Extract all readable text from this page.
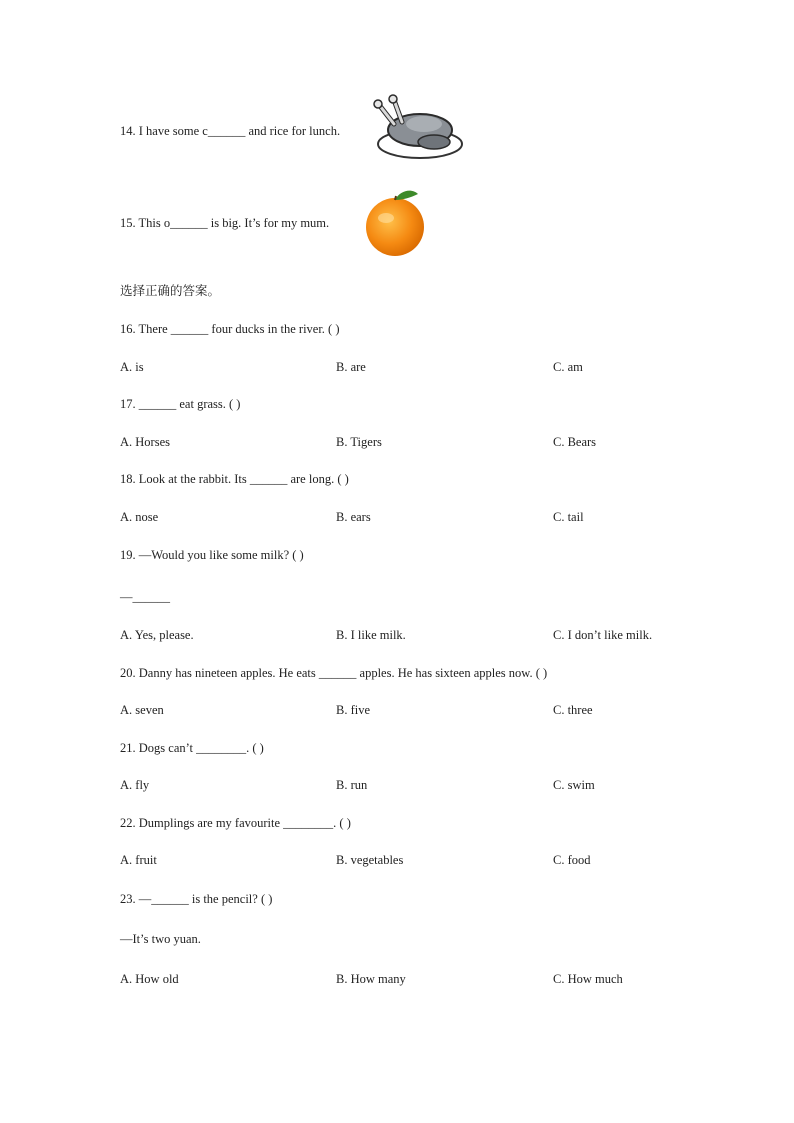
14. I have some c______ and rice for lunch.
15. This o______ is big. It’s for my mum.
选择正确的答案。
16. There ______ four ducks in the river. ( )
A. is	B. are	C. am
17. ______ eat grass. ( )
A. Horses	B. Tigers	C. Bears
18. Look at the rabbit. Its ______ are long. ( )
A. nose	B. ears	C. tail
19. —Would you like some milk? ( )
—______
A. Yes, please.	B. I like milk.	C. I don’t like milk.
20. Danny has nineteen apples. He eats ______ apples. He has sixteen apples now. ( )
A. seven	B. five	C. three
21. Dogs can’t ________. ( )
A. fly	B. run	C. swim
22. Dumplings are my favourite ________. ( )
A. fruit	B. vegetables	C. food
23. —______ is the pencil? ( )
—It’s two yuan.
A. How old	B. How many	C. How much
